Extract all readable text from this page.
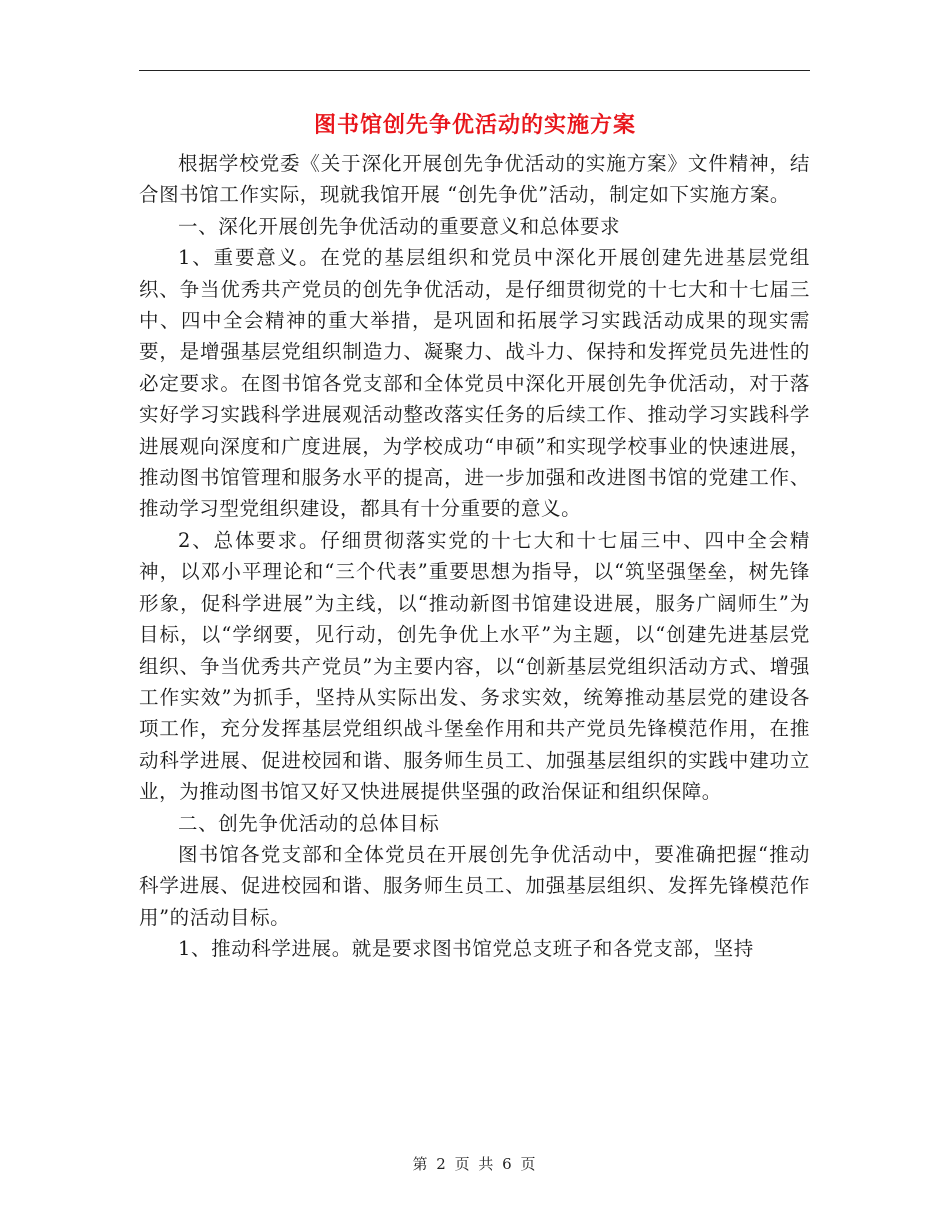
图书馆创先争优活动的实施方案

根据学校党委《关于深化开展创先争优活动的实施方案》文件精神，结合图书馆工作实际，现就我馆开展 “创先争优”活动，制定如下实施方案。

一、深化开展创先争优活动的重要意义和总体要求

1、重要意义。在党的基层组织和党员中深化开展创建先进基层党组织、争当优秀共产党员的创先争优活动，是仔细贯彻党的十七大和十七届三中、四中全会精神的重大举措，是巩固和拓展学习实践活动成果的现实需要，是增强基层党组织制造力、凝聚力、战斗力、保持和发挥党员先进性的必定要求。在图书馆各党支部和全体党员中深化开展创先争优活动，对于落实好学习实践科学进展观活动整改落实任务的后续工作、推动学习实践科学进展观向深度和广度进展，为学校成功“申硕”和实现学校事业的快速进展，推动图书馆管理和服务水平的提高，进一步加强和改进图书馆的党建工作、推动学习型党组织建设，都具有十分重要的意义。

2、总体要求。仔细贯彻落实党的十七大和十七届三中、四中全会精神，以邓小平理论和“三个代表”重要思想为指导，以“筑坚强堡垒，树先锋形象，促科学进展”为主线，以“推动新图书馆建设进展，服务广阔师生”为目标，以“学纲要，见行动，创先争优上水平”为主题，以“创建先进基层党组织、争当优秀共产党员”为主要内容，以“创新基层党组织活动方式、增强工作实效”为抓手，坚持从实际出发、务求实效，统筹推动基层党的建设各项工作，充分发挥基层党组织战斗堡垒作用和共产党员先锋模范作用，在推动科学进展、促进校园和谐、服务师生员工、加强基层组织的实践中建功立业，为推动图书馆又好又快进展提供坚强的政治保证和组织保障。

二、创先争优活动的总体目标

图书馆各党支部和全体党员在开展创先争优活动中，要准确把握“推动科学进展、促进校园和谐、服务师生员工、加强基层组织、发挥先锋模范作用”的活动目标。

1、推动科学进展。就是要求图书馆党总支班子和各党支部，坚持

第 2 页 共 6 页
